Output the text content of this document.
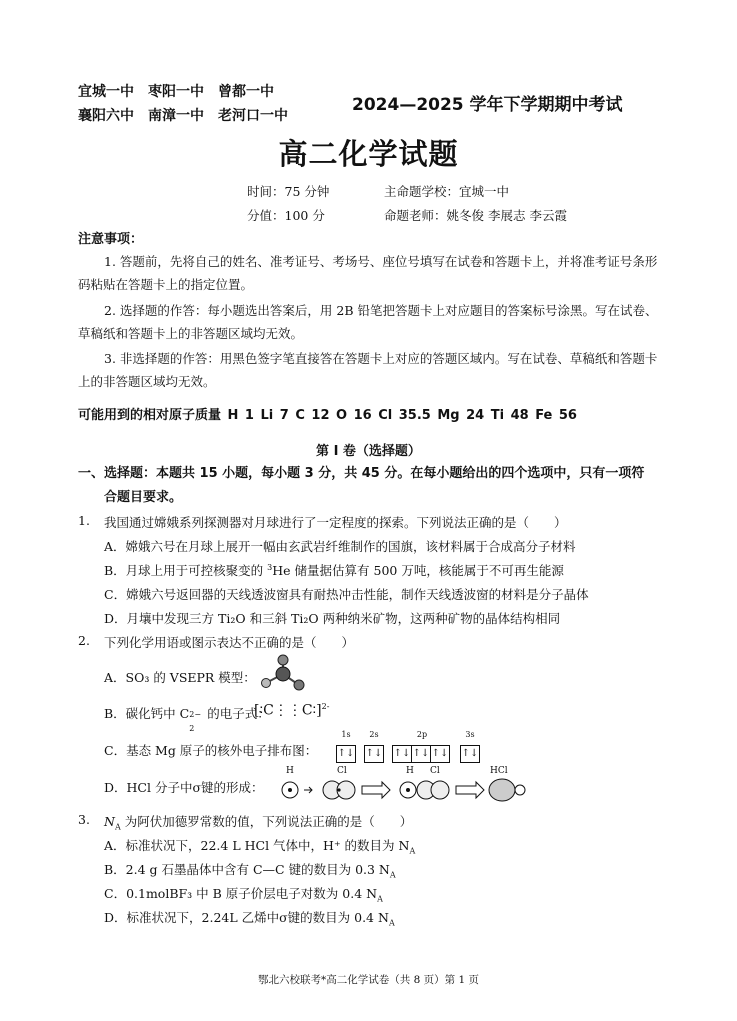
宜城一中 枣阳一中 曾都一中
襄阳六中 南漳一中 老河口一中
2024—2025 学年下学期期中考试
高二化学试题
时间：75 分钟	主命题学校：宜城一中
分值：100 分	命题老师：姚冬俊 李展志 李云霞
注意事项：
1. 答题前，先将自己的姓名、准考证号、考场号、座位号填写在试卷和答题卡上，并将准考证号条形码粘贴在答题卡上的指定位置。
2. 选择题的作答：每小题选出答案后，用 2B 铅笔把答题卡上对应题目的答案标号涂黑。写在试卷、草稿纸和答题卡上的非答题区域均无效。
3. 非选择题的作答：用黑色签字笔直接答在答题卡上对应的答题区域内。写在试卷、草稿纸和答题卡上的非答题区域均无效。
可能用到的相对原子质量 H 1 Li 7 C 12 O 16 Cl 35.5 Mg 24 Ti 48 Fe 56
第 Ⅰ 卷（选择题）
一、选择题：本题共 15 小题，每小题 3 分，共 45 分。在每小题给出的四个选项中，只有一项符
合题目要求。
1. 我国通过嫦娥系列探测器对月球进行了一定程度的探索。下列说法正确的是（　　）
A．嫦娥六号在月球上展开一幅由玄武岩纤维制作的国旗，该材料属于合成高分子材料
B．月球上用于可控核聚变的 $^3$He 储量据估算有 500 万吨，核能属于不可再生能源
C．嫦娥六号返回器的天线透波窗具有耐热冲击性能，制作天线透波窗的材料是分子晶体
D．月壤中发现三方 Ti₂O 和三斜 Ti₂O 两种纳米矿物，这两种矿物的晶体结构相同
2. 下列化学用语或图示表达不正确的是（　　）
A．SO₃ 的 VSEPR 模型：
B．碳化钙中 C 2−
2
的电子式：
[∶C⋮⋮C∶]$^{2-}$
C．基态 Mg 原子的核外电子排布图：
1s	2s	2p	3s
↑↓ ↑↓ ↑↓ ↑↓ ↑↓ ↑↓
D．HCl 分子中σ键的形成：
H	Cl	H Cl	HCl
3. $N_A$ 为阿伏加德罗常数的值，下列说法正确的是（　　）
A．标准状况下，22.4 L HCl 气体中，H⁺ 的数目为 $N_A$
B．2.4 g 石墨晶体中含有 C—C 键的数目为 0.3 $N_A$
C．0.1molBF₃ 中 B 原子价层电子对数为 0.4 $N_A$
D．标准状况下，2.24L 乙烯中σ键的数目为 0.4 $N_A$
鄂北六校联考*高二化学试卷（共 8 页）第 1 页
